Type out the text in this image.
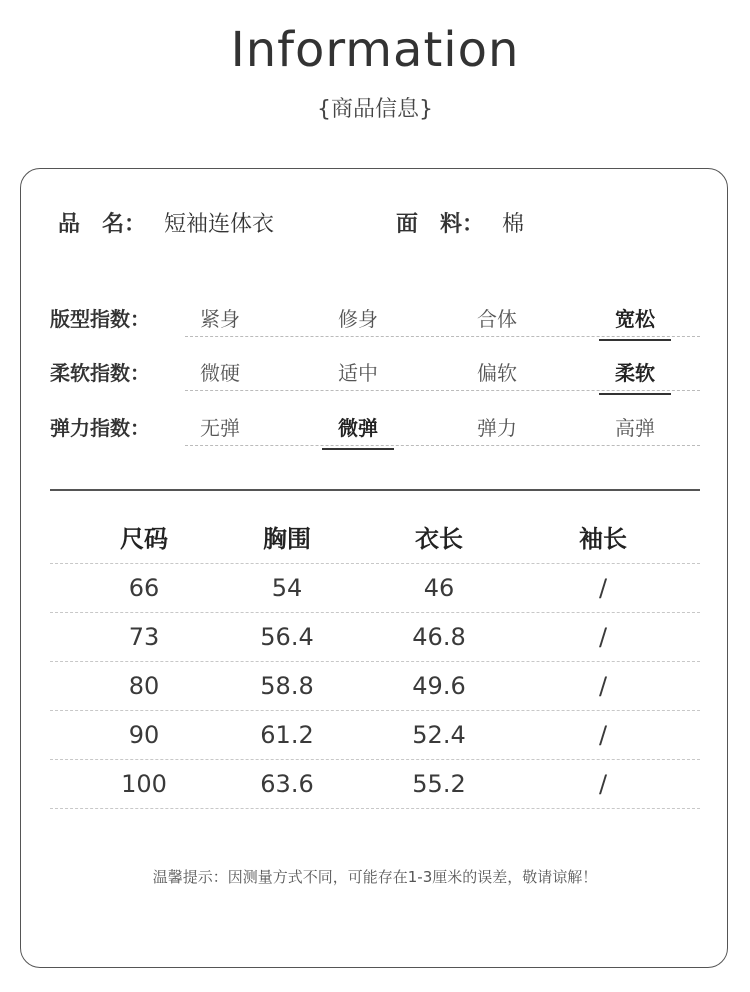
Information
{商品信息}
品　名： 短袖连体衣	面　料： 棉
版型指数：	紧身	修身	合体	宽松
柔软指数：	微硬	适中	偏软	柔软
弹力指数：	无弹	微弹	弹力	高弹
尺码	胸围	衣长	袖长
66	54	46	/
73	56.4	46.8	/
80	58.8	49.6	/
90	61.2	52.4	/
100	63.6	55.2	/
温馨提示：因测量方式不同，可能存在1-3厘米的误差，敬请谅解！
